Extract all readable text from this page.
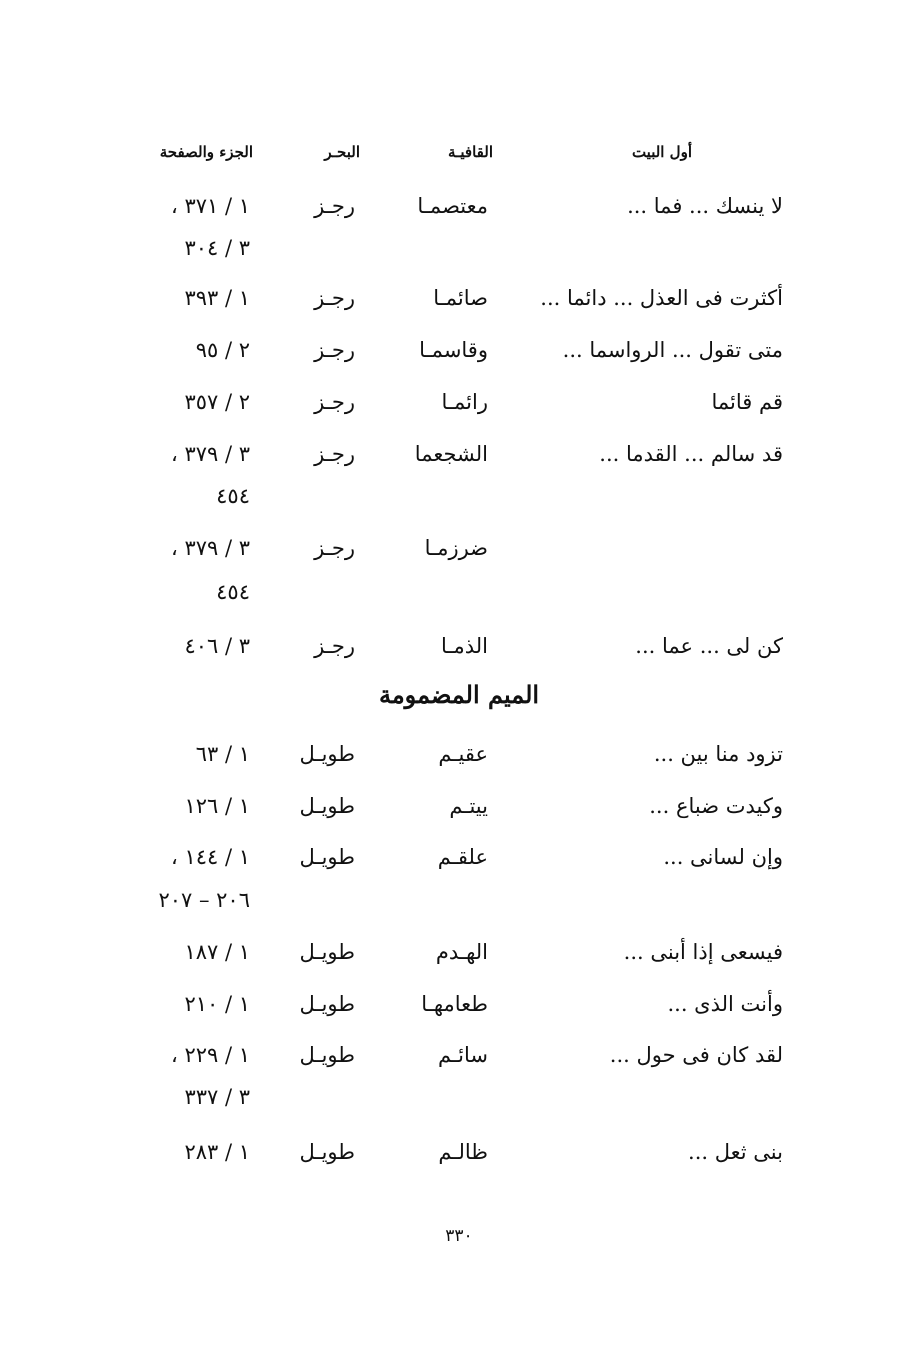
أول البيت
القافيـة
البحـر
الجزء والصفحة
لا ينسك ... فما ...
معتصمـا
رجـز
١ / ٣٧١ ،
٣ / ٣٠٤
أكثرت فى العذل ... دائما ...
صائمـا
رجـز
١ / ٣٩٣
متى تقول ... الرواسما ...
وقاسمـا
رجـز
٢ / ٩٥
قم قائما
رائمـا
رجـز
٢ / ٣٥٧
قد سالم ... القدما ...
الشجعما
رجـز
٣ / ٣٧٩ ،
٤٥٤
ضرزمـا
رجـز
٣ / ٣٧٩ ،
٤٥٤
كن لى ... عما ...
الذمـا
رجـز
٣ / ٤٠٦
الميم المضمومة
تزود منا بين ...
عقيـم
طويـل
١ / ٦٣
وكيدت ضباع ...
ييتـم
طويـل
١ / ١٢٦
وإن لسانى ...
علقـم
طويـل
١ / ١٤٤ ،
٢٠٦ – ٢٠٧
فيسعى إذا أبنى ...
الهـدم
طويـل
١ / ١٨٧
وأنت الذى ...
طعامهـا
طويـل
١ / ٢١٠
لقد كان فى حول ...
سائـم
طويـل
١ / ٢٢٩ ،
٣ / ٣٣٧
بنى ثعل ...
ظالـم
طويـل
١ / ٢٨٣
٣٣٠
